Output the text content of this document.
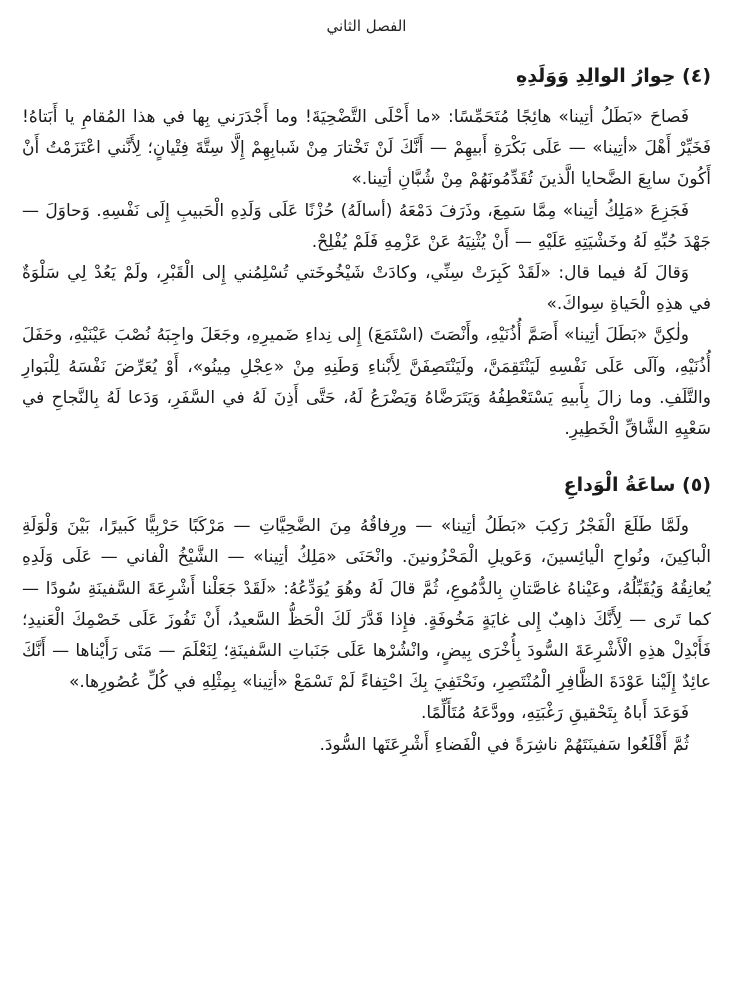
الفصل الثاني
(٤) حِوارُ الوالِدِ وَوَلَدِهِ

فَصاحَ «بَطَلُ أتِينا» هائِجًا مُتَحَمِّسًا: «ما أَحْلَى التَّضْحِيَةَ! وما أَجْدَرَني بِها في هذا المُقامِ يا أَبَتاهُ! فَخَيِّرْ أَهْلَ «أتِينا» — عَلَى بَكْرَةِ أَبيهِمْ — أَنَّكَ لَنْ تَخْتارَ مِنْ شَبابِهِمْ إِلَّا سِتَّةَ فِتْيانٍ؛ لِأَنَّني اعْتَزَمْتُ أَنْ أَكُونَ سابِعَ الضَّحايا الَّذينَ تُقَدِّمُونَهُمْ مِنْ شُبَّانِ أتِينا.»

فَجَزِعَ «مَلِكُ أتِينا» مِمَّا سَمِعَ، وذَرَفَ دَمْعَهُ (أسالَهُ) حُزْنًا عَلَى وَلَدِهِ الْحَبيبِ إِلَى نَفْسِهِ. وَحاوَلَ — جَهْدَ حُبِّهِ لَهُ وخَشْيَتِهِ عَلَيْهِ — أَنْ يُثْنِيَهُ عَنْ عَزْمِهِ فَلَمْ يُفْلِحْ.

وَقالَ لَهُ فيما قال: «لَقَدْ كَبِرَتْ سِنِّي، وكادَتْ شَيْخُوخَتي تُسْلِمُني إِلى الْقَبْرِ، ولَمْ يَعُدْ لِي سَلْوَةٌ في هذِهِ الْحَياةِ سِواكَ.»

ولٰكِنَّ «بَطَلَ أتِينا» أَصَمَّ أُذُنَيْهِ، وأَنْصَتَ (اسْتَمَعَ) إِلى نِداءِ ضَميرِهِ، وجَعَلَ واجِبَهُ نُصْبَ عَيْنَيْهِ، وحَفَلَ أُذُنَيْهِ، وآلَى عَلَى نَفْسِهِ لَيَنْتَقِمَنَّ، ولَيَنْتَصِفَنَّ لِأَبْناءِ وَطَنِهِ مِنْ «عِجْلِ مِينُو»، أَوْ يُعَرِّضَ نَفْسَهُ لِلْبَوارِ والتَّلَفِ. وما زالَ بِأَبيهِ يَسْتَعْطِفُهُ وَيَتَرَضَّاهُ وَيَضْرَعُ لَهُ، حَتَّى أَذِنَ لَهُ في السَّفَرِ، وَدَعا لَهُ بِالنَّجاحِ في سَعْيِهِ الشَّاقِّ الْخَطِيرِ.

(٥) ساعَةُ الْوَداعِ

ولَمَّا طَلَعَ الْفَجْرُ رَكِبَ «بَطَلُ أتِينا» — ورِفاقُهُ مِنَ الضَّحِيَّاتِ — مَرْكَبًا حَرْبِيًّا كَبيرًا، بَيْنَ وَلْوَلَةِ الْباكِينَ، ونُواحِ الْيائِسينَ، وَعَويلِ الْمَحْزُونينَ. وانْحَنَى «مَلِكُ أتِينا» — الشَّيْخُ الْفاني — عَلَى وَلَدِهِ يُعانِقُهُ وَيُقَبِّلُهُ، وعَيْناهُ غاصَّتانِ بِالدُّمُوعِ، ثُمَّ قالَ لَهُ وهُوَ يُوَدِّعُهُ: «لَقَدْ جَعَلْنا أَشْرِعَةَ السَّفينَةِ سُودًا — كما تَرى — لِأَنَّكَ ذاهِبٌ إِلى غايَةٍ مَخُوفَةٍ. فإِذا قَدَّرَ لَكَ الْحَظُّ السَّعيدُ، أَنْ تَفُوزَ عَلَى خَصْمِكَ الْعَنيدِ؛ فَأَبْدِلْ هذِهِ الْأَشْرِعَةَ السُّودَ بِأُخْرَى بِيضٍ، وانْشُرْها عَلَى جَنَباتِ السَّفينَةِ؛ لِنَعْلَمَ — مَتَى رَأَيْناها — أَنَّكَ عائِدٌ إِلَيْنا عَوْدَةَ الظَّافِرِ الْمُنْتَصِرِ، ونَحْتَفِيَ بِكَ احْتِفاءً لَمْ تَسْمَعْ «أتِينا» بِمِثْلِهِ في كُلِّ عُصُورِها.»

فَوَعَدَ أَباهُ بِتَحْقيقِ رَغْبَتِهِ، وودَّعَهُ مُتَأَلِّمًا.

ثُمَّ أَقْلَعُوا سَفينَتَهُمْ ناشِرَةً في الْفَضاءِ أَشْرِعَتَها السُّودَ.
